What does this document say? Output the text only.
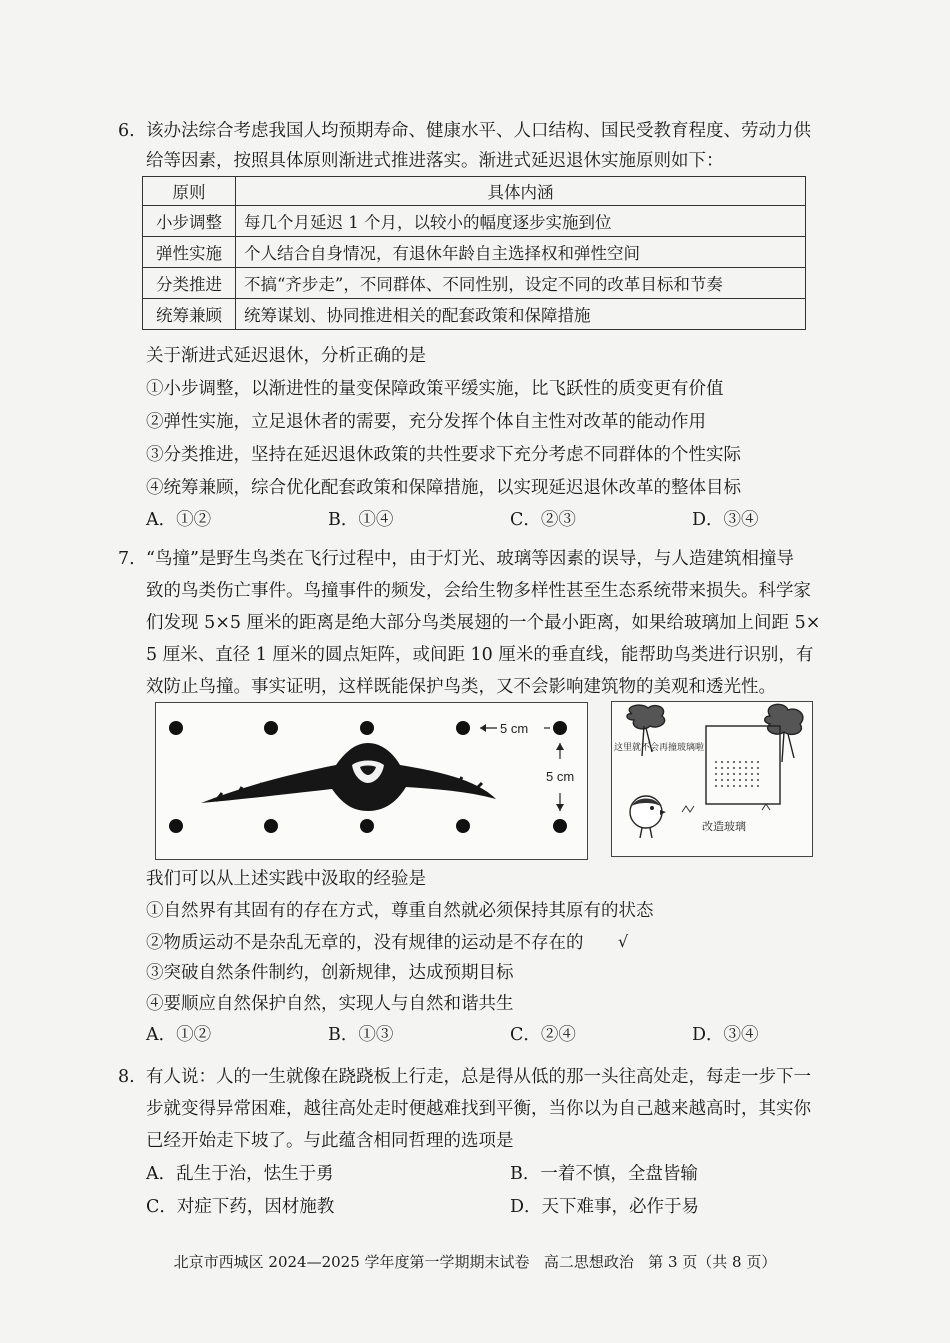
6. 该办法综合考虑我国人均预期寿命、健康水平、人口结构、国民受教育程度、劳动力供
给等因素，按照具体原则渐进式推进落实。渐进式延迟退休实施原则如下：
原则	具体内涵
小步调整	每几个月延迟 1 个月，以较小的幅度逐步实施到位
弹性实施	个人结合自身情况，有退休年龄自主选择权和弹性空间
分类推进	不搞“齐步走”，不同群体、不同性别，设定不同的改革目标和节奏
统筹兼顾	统筹谋划、协同推进相关的配套政策和保障措施
关于渐进式延迟退休，分析正确的是
①小步调整，以渐进性的量变保障政策平缓实施，比飞跃性的质变更有价值
②弹性实施，立足退休者的需要，充分发挥个体自主性对改革的能动作用
③分类推进，坚持在延迟退休政策的共性要求下充分考虑不同群体的个性实际
④统筹兼顾，综合优化配套政策和保障措施，以实现延迟退休改革的整体目标
A．①②	B．①④	C．②③	D．③④
7. “鸟撞”是野生鸟类在飞行过程中，由于灯光、玻璃等因素的误导，与人造建筑相撞导
致的鸟类伤亡事件。鸟撞事件的频发，会给生物多样性甚至生态系统带来损失。科学家
们发现 5×5 厘米的距离是绝大部分鸟类展翅的一个最小距离，如果给玻璃加上间距 5×
5 厘米、直径 1 厘米的圆点矩阵，或间距 10 厘米的垂直线，能帮助鸟类进行识别，有
效防止鸟撞。事实证明，这样既能保护鸟类，又不会影响建筑物的美观和透光性。
5 cm
5 cm
这里就不会再撞玻璃啦
改造玻璃
我们可以从上述实践中汲取的经验是
①自然界有其固有的存在方式，尊重自然就必须保持其原有的状态
②物质运动不是杂乱无章的，没有规律的运动是不存在的 √
③突破自然条件制约，创新规律，达成预期目标
④要顺应自然保护自然，实现人与自然和谐共生
A．①②	B．①③	C．②④	D．③④
8. 有人说：人的一生就像在跷跷板上行走，总是得从低的那一头往高处走，每走一步下一
步就变得异常困难，越往高处走时便越难找到平衡，当你以为自己越来越高时，其实你
已经开始走下坡了。与此蕴含相同哲理的选项是
A．乱生于治，怯生于勇	B．一着不慎，全盘皆输
C．对症下药，因材施教	D．天下难事，必作于易
北京市西城区 2024—2025 学年度第一学期期末试卷 高二思想政治 第 3 页（共 8 页）
